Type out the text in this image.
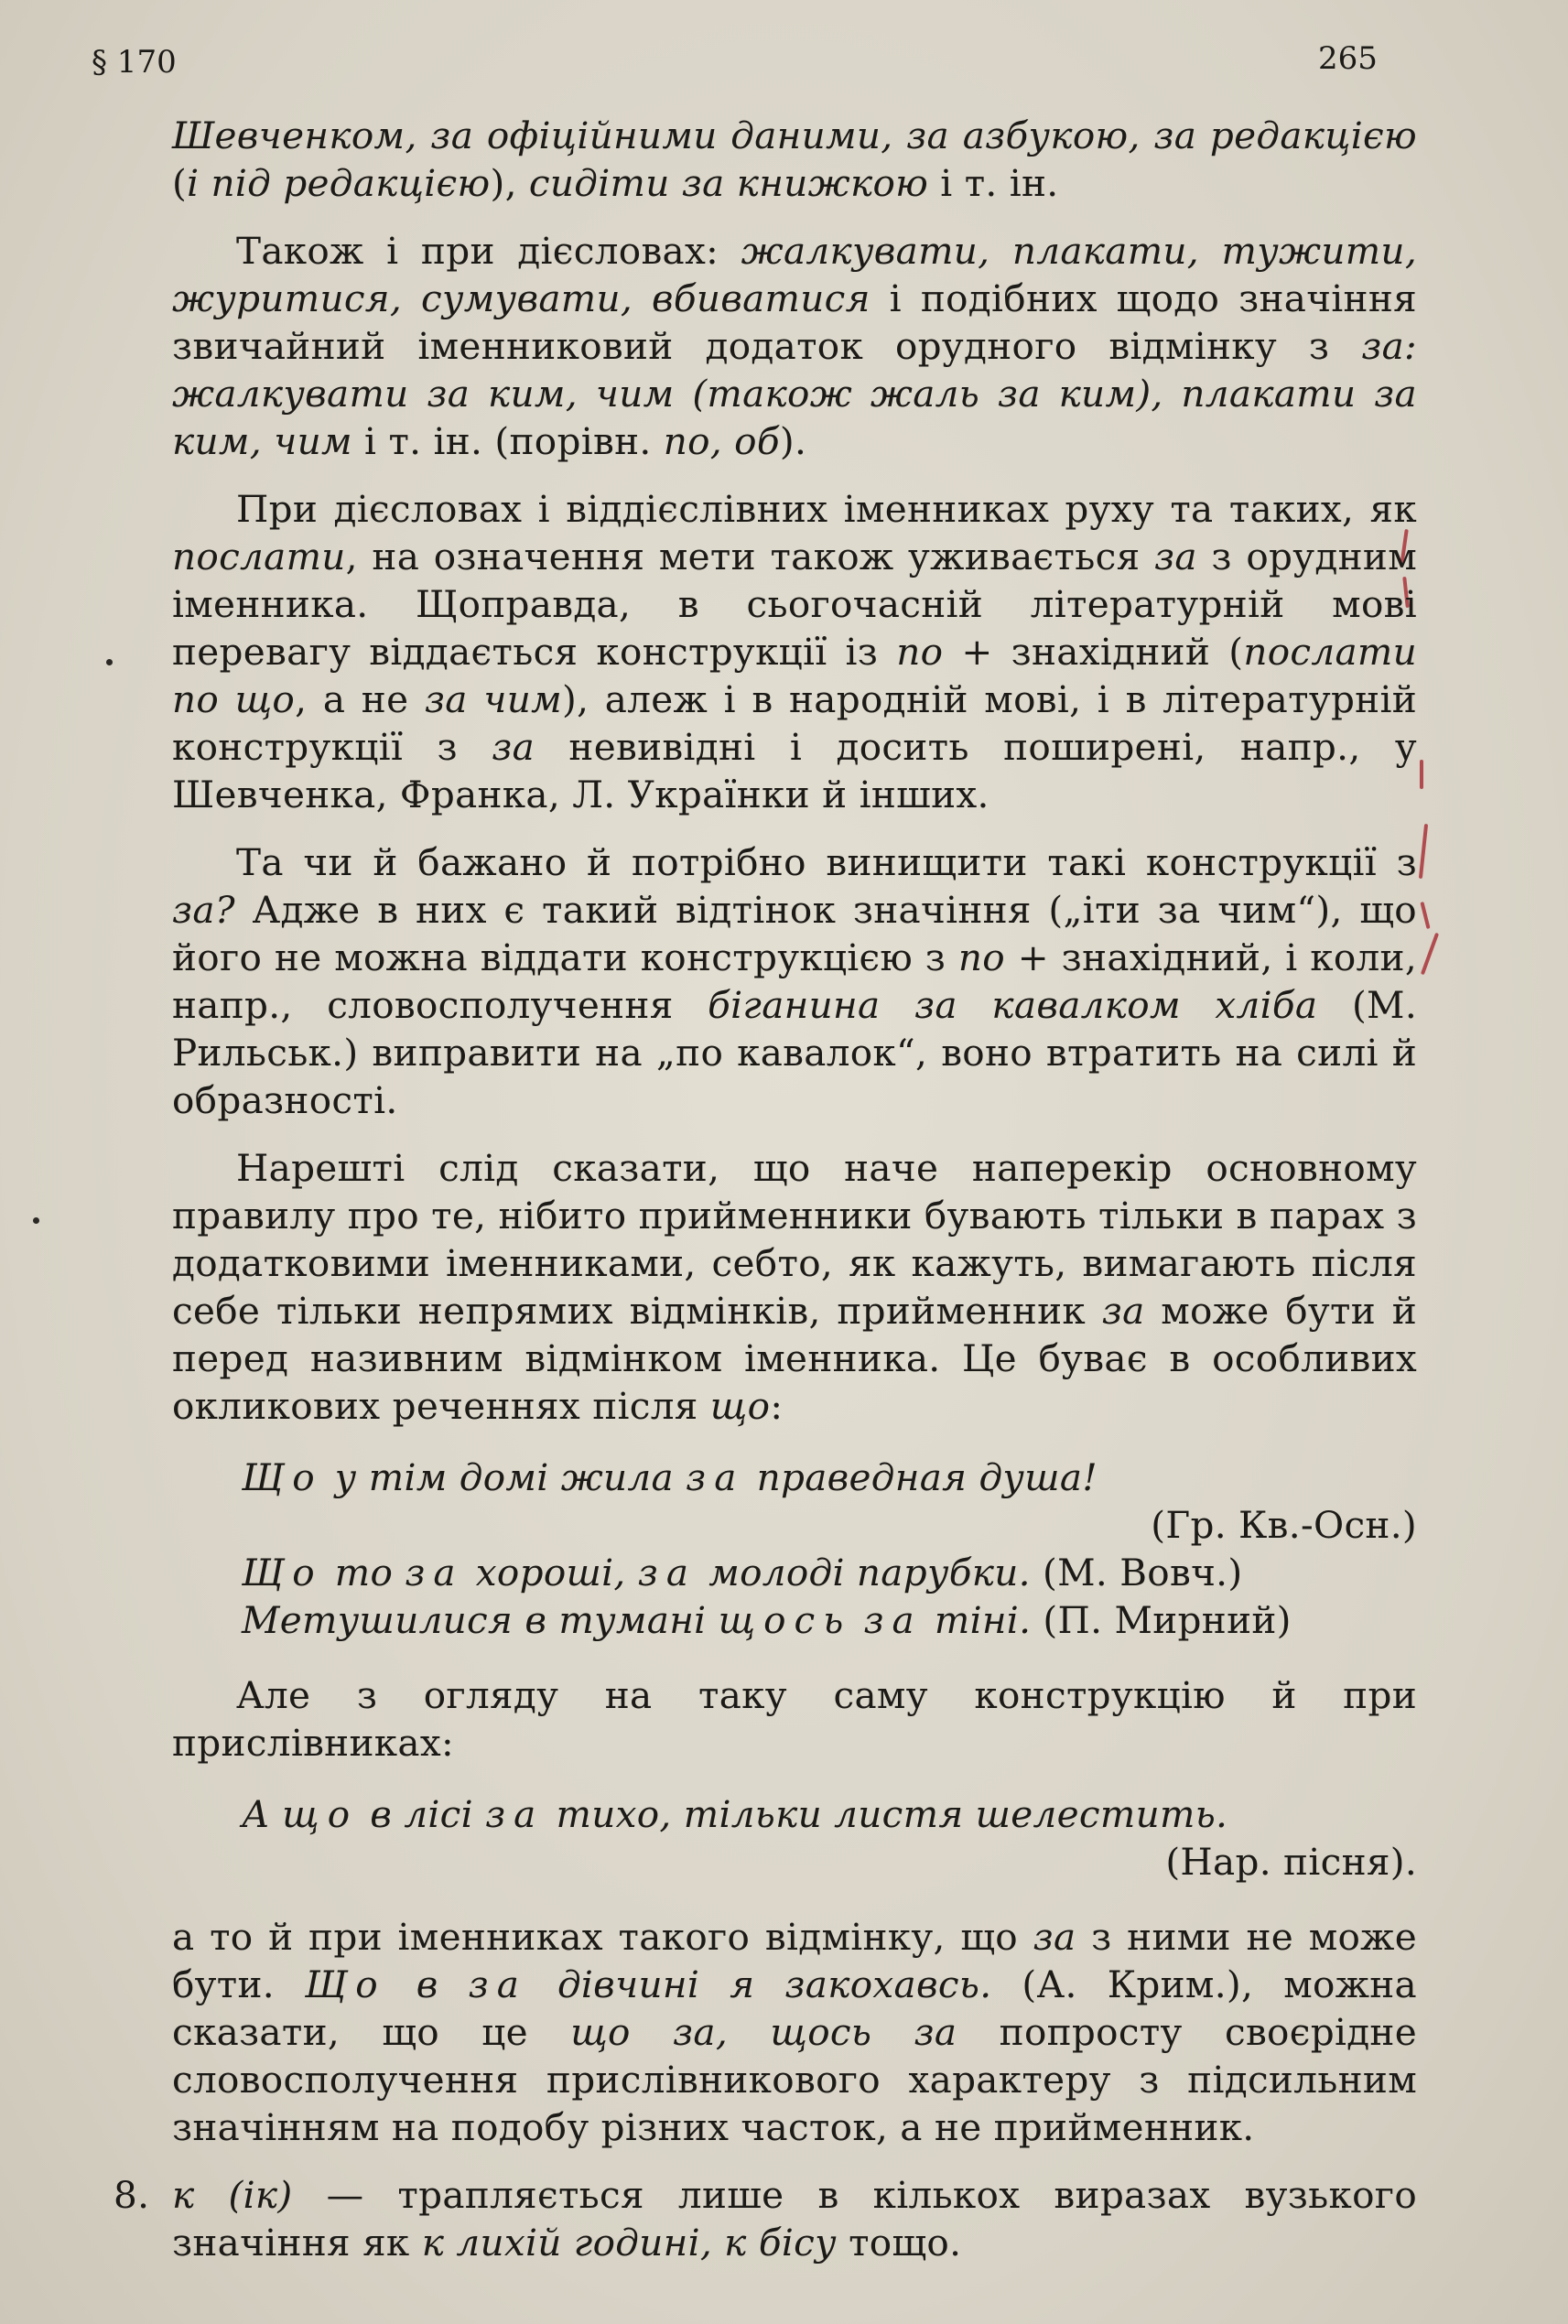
§ 170	265

Шевченком, за офіційними даними, за азбукою, за редакцією (і під редакцією), сидіти за книжкою і т. ін.

Також і при дієсловах: жалкувати, плакати, тужити, журитися, сумувати, вбиватися і подібних щодо значіння звичайний іменниковий додаток орудного відмінку з за: жалкувати за ким, чим (також жаль за ким), плакати за ким, чим і т. ін. (порівн. по, об).

При дієсловах і віддієслівних іменниках руху та таких, як послати, на означення мети також уживається за з орудним іменника. Щоправда, в сьогочасній літературній мові перевагу віддається конструкції із по + знахідний (послати по що, а не за чим), алеж і в народній мові, і в літературній конструкції з за невивідні і досить поширені, напр., у Шевченка, Франка, Л. Українки й інших.

Та чи й бажано й потрібно винищити такі конструкції з за? Адже в них є такий відтінок значіння („іти за чим“), що його не можна віддати конструкцією з по + знахідний, і коли, напр., словосполучення біганина за кавалком хліба (М. Рильськ.) виправити на „по кавалок“, воно втратить на силі й образності.

Нарешті слід сказати, що наче наперекір основному правилу про те, нібито прийменники бувають тільки в парах з додатковими іменниками, себто, як кажуть, вимагають після себе тільки непрямих відмінків, прийменник за може бути й перед називним відмінком іменника. Це буває в особливих окликових реченнях після що:

Що у тім домі жила за праведная душа!
(Гр. Кв.-Осн.)
Що то за хороші, за молоді парубки. (М. Вовч.)
Метушилися в тумані щось за тіні. (П. Мирний)

Але з огляду на таку саму конструкцію й при прислівниках:

А що в лісі за тихо, тільки листя шелестить.
(Нар. пісня).

а то й при іменниках такого відмінку, що за з ними не може бути. Що в за дівчині я закохавсь. (А. Крим.), можна сказати, що це що за, щось за попросту своєрідне словосполучення прислівникового характеру з підсильним значінням на подобу різних часток, а не прийменник.

8. к (ік) — трапляється лише в кількох виразах вузького значіння як к лихій годині, к бісу тощо.
